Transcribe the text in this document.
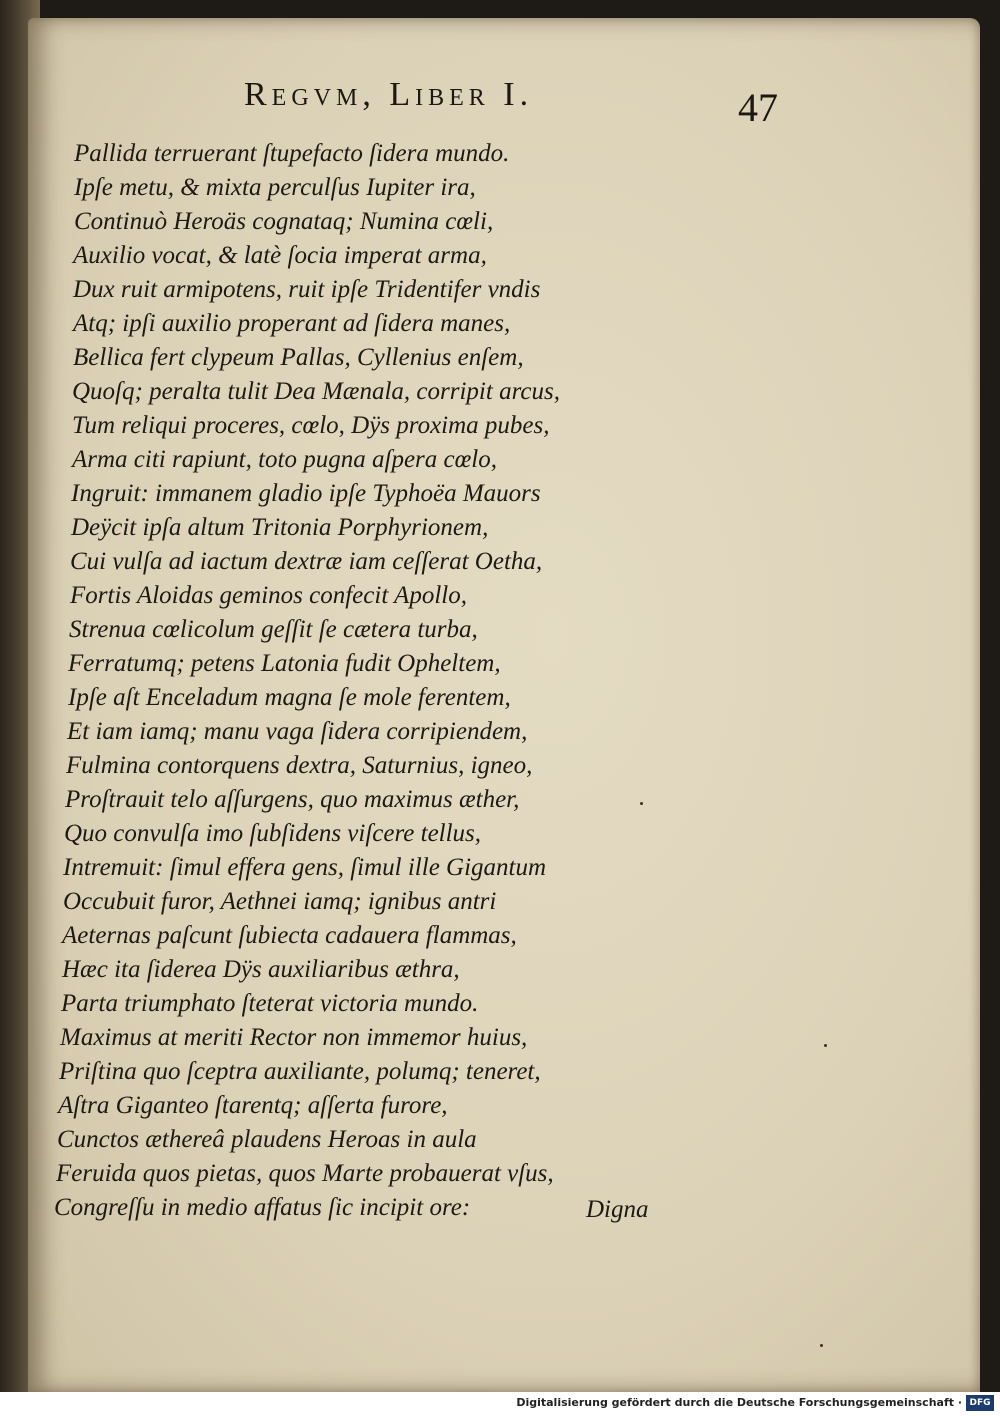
Regvm, Liber I.	47
Pallida terruerant ſtupefacto ſidera mundo.
Ipſe metu, & mixta perculſus Iupiter ira,
Continuò Heroäs cognataq; Numina cœli,
Auxilio vocat, & latè ſocia imperat arma,
Dux ruit armipotens, ruit ipſe Tridentifer vndis
Atq; ipſi auxilio properant ad ſidera manes,
Bellica fert clypeum Pallas, Cyllenius enſem,
Quoſq; peralta tulit Dea Mænala, corripit arcus,
Tum reliqui proceres, cœlo, Dÿs proxima pubes,
Arma citi rapiunt, toto pugna aſpera cœlo,
Ingruit: immanem gladio ipſe Typhoëa Mauors
Deÿcit ipſa altum Tritonia Porphyrionem,
Cui vulſa ad iactum dextræ iam ceſſerat Oetha,
Fortis Aloidas geminos confecit Apollo,
Strenua cœlicolum geſſit ſe cætera turba,
Ferratumq; petens Latonia fudit Opheltem,
Ipſe aſt Enceladum magna ſe mole ferentem,
Et iam iamq; manu vaga ſidera corripiendem,
Fulmina contorquens dextra, Saturnius, igneo,
Proſtrauit telo aſſurgens, quo maximus æther,
Quo convulſa imo ſubſidens viſcere tellus,
Intremuit: ſimul effera gens, ſimul ille Gigantum
Occubuit furor, Aethnei iamq; ignibus antri
Aeternas paſcunt ſubiecta cadauera flammas,
Hæc ita ſiderea Dÿs auxiliaribus æthra,
Parta triumphato ſteterat victoria mundo.
Maximus at meriti Rector non immemor huius,
Priſtina quo ſceptra auxiliante, polumq; teneret,
Aſtra Giganteo ſtarentq; aſſerta furore,
Cunctos æthereâ plaudens Heroas in aula
Feruida quos pietas, quos Marte probauerat vſus,
Congreſſu in medio affatus ſic incipit ore:	Digna
Digitalisierung gefördert durch die Deutsche Forschungsgemeinschaft · DFG
